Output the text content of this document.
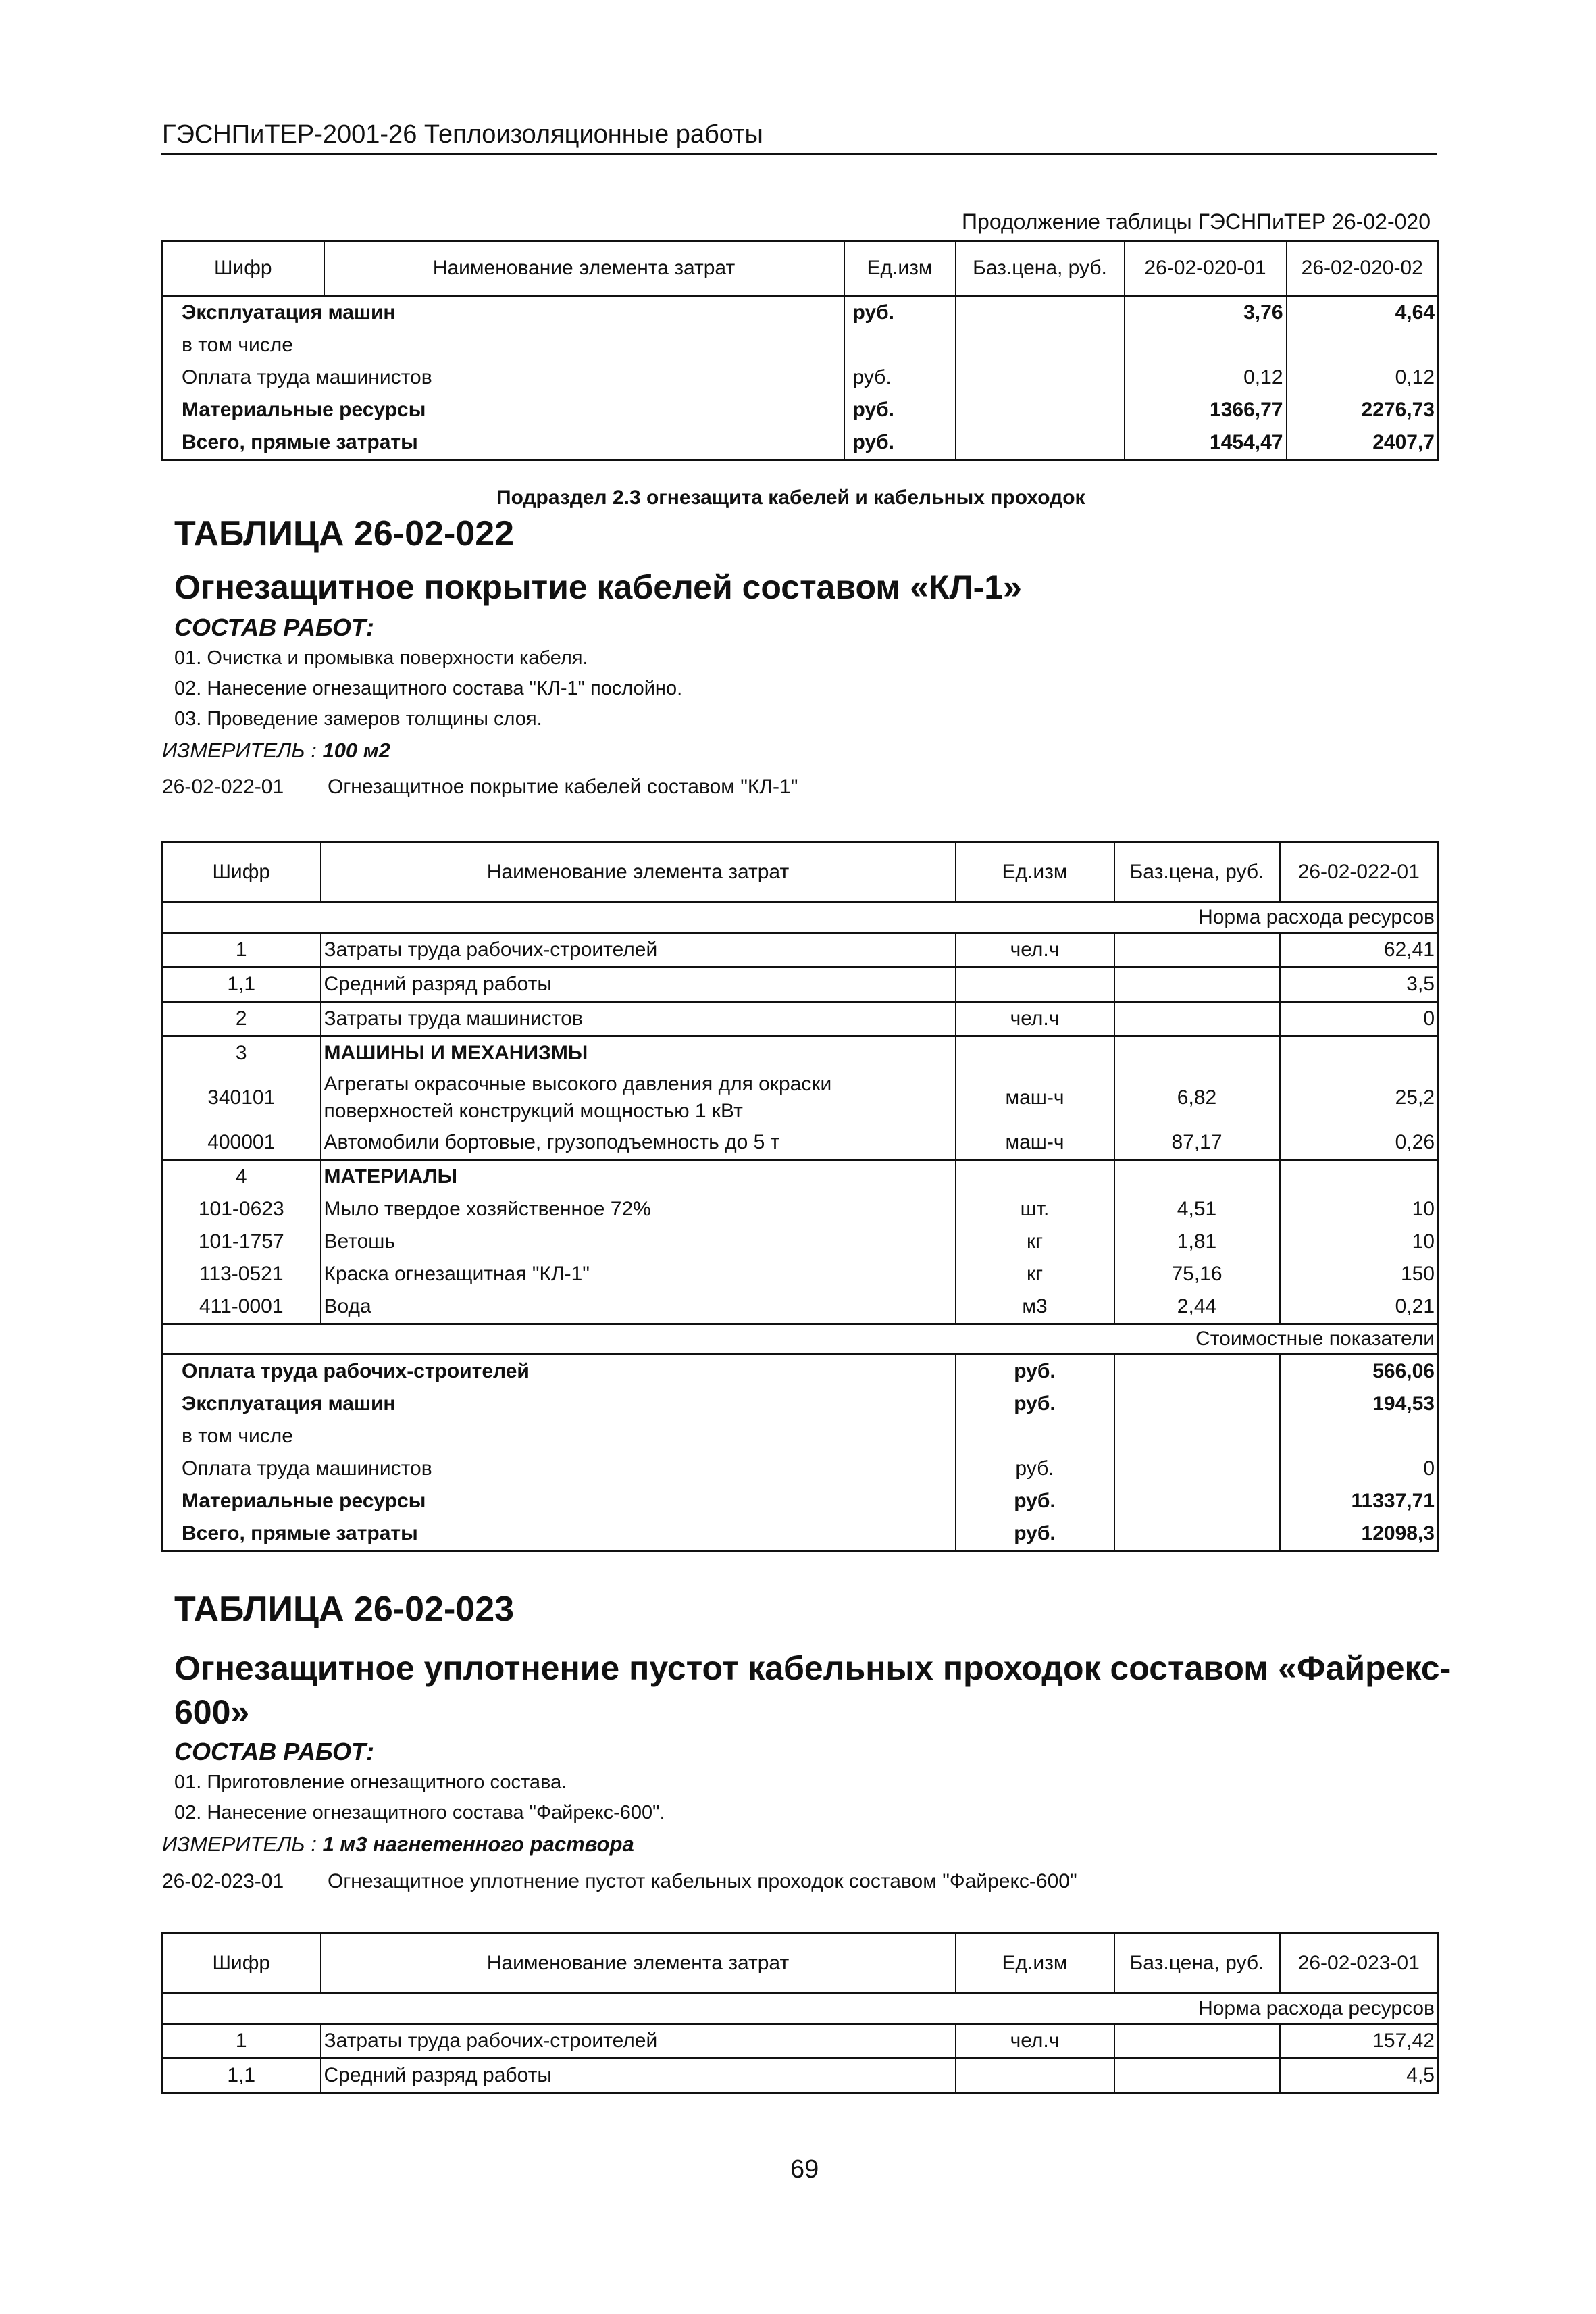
ГЭСНПиТЕР-2001-26 Теплоизоляционные работы
Продолжение таблицы ГЭСНПиТЕР 26-02-020
Шифр	Наименование элемента затрат	Ед.изм	Баз.цена, руб.	26-02-020-01	26-02-020-02
Эксплуатация машин		руб.		3,76	4,64
в том числе					
Оплата труда машинистов		руб.		0,12	0,12
Материальные ресурсы		руб.		1366,77	2276,73
Всего, прямые затраты		руб.		1454,47	2407,7
Подраздел 2.3 огнезащита кабелей и кабельных проходок
ТАБЛИЦА 26-02-022
Огнезащитное покрытие кабелей составом «КЛ-1»
СОСТАВ РАБОТ:
01. Очистка и промывка поверхности кабеля.
02. Нанесение огнезащитного состава "КЛ-1" послойно.
03. Проведение замеров толщины слоя.
ИЗМЕРИТЕЛЬ : 100 м2
26-02-022-01 Огнезащитное покрытие кабелей составом "КЛ-1"
Шифр	Наименование элемента затрат	Ед.изм	Баз.цена, руб.	26-02-022-01
Норма расхода ресурсов				
1	Затраты труда рабочих-строителей	чел.ч		62,41
1,1	Средний разряд работы			3,5
2	Затраты труда машинистов	чел.ч		0
3	МАШИНЫ И МЕХАНИЗМЫ			
340101	Агрегаты окрасочные высокого давления для окраски
поверхностей конструкций мощностью 1 кВт	маш-ч	6,82	25,2
400001	Автомобили бортовые, грузоподъемность до 5 т	маш-ч	87,17	0,26
4	МАТЕРИАЛЫ			
101-0623	Мыло твердое хозяйственное 72%	шт.	4,51	10
101-1757	Ветошь	кг	1,81	10
113-0521	Краска огнезащитная "КЛ-1"	кг	75,16	150
411-0001	Вода	м3	2,44	0,21
Стоимостные показатели				
Оплата труда рабочих-строителей		руб.		566,06
Эксплуатация машин		руб.		194,53
в том числе				
Оплата труда машинистов		руб.		0
Материальные ресурсы		руб.		11337,71
Всего, прямые затраты		руб.		12098,3
ТАБЛИЦА 26-02-023
Огнезащитное уплотнение пустот кабельных проходок составом «Файрекс-
600»
СОСТАВ РАБОТ:
01. Приготовление огнезащитного состава.
02. Нанесение огнезащитного состава "Файрекс-600".
ИЗМЕРИТЕЛЬ : 1 м3 нагнетенного раствора
26-02-023-01 Огнезащитное уплотнение пустот кабельных проходок составом "Файрекс-600"
Шифр	Наименование элемента затрат	Ед.изм	Баз.цена, руб.	26-02-023-01
Норма расхода ресурсов				
1	Затраты труда рабочих-строителей	чел.ч		157,42
1,1	Средний разряд работы			4,5
69
